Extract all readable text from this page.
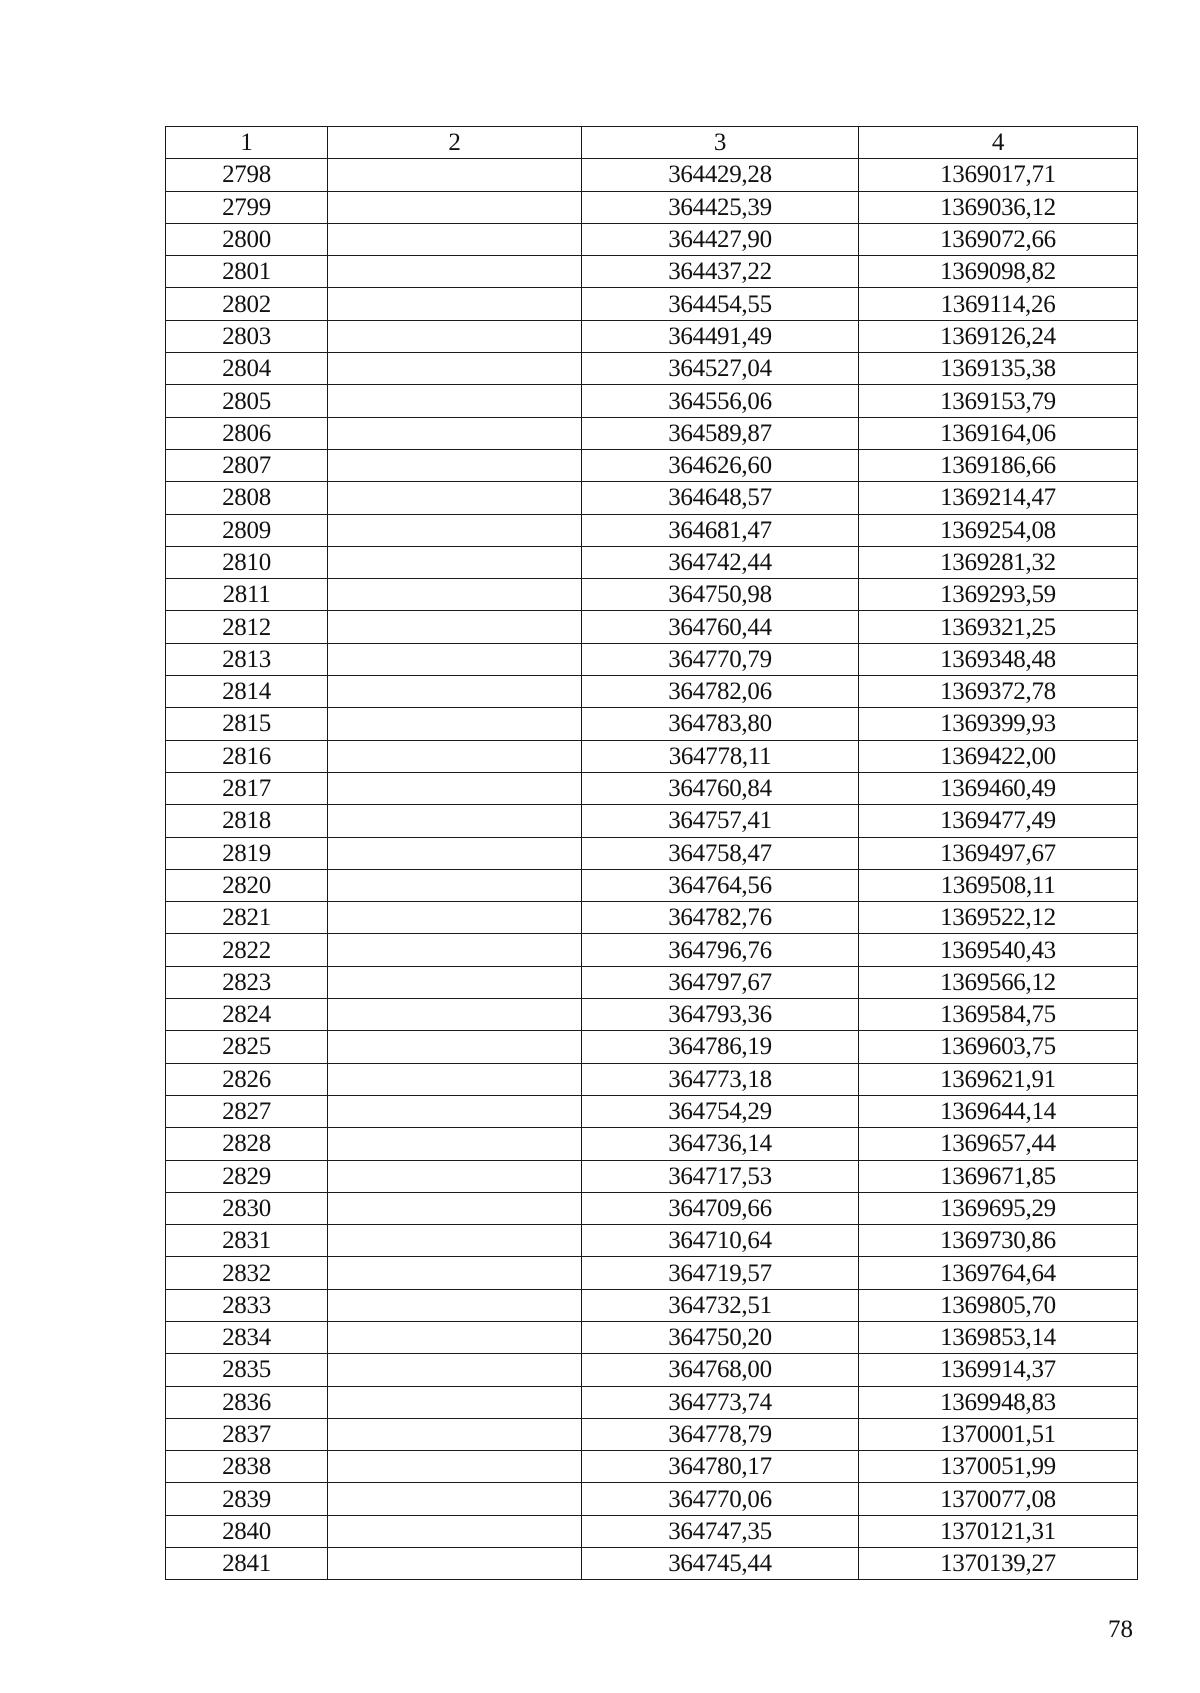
1	2	3	4
2798		364429,28	1369017,71
2799		364425,39	1369036,12
2800		364427,90	1369072,66
2801		364437,22	1369098,82
2802		364454,55	1369114,26
2803		364491,49	1369126,24
2804		364527,04	1369135,38
2805		364556,06	1369153,79
2806		364589,87	1369164,06
2807		364626,60	1369186,66
2808		364648,57	1369214,47
2809		364681,47	1369254,08
2810		364742,44	1369281,32
2811		364750,98	1369293,59
2812		364760,44	1369321,25
2813		364770,79	1369348,48
2814		364782,06	1369372,78
2815		364783,80	1369399,93
2816		364778,11	1369422,00
2817		364760,84	1369460,49
2818		364757,41	1369477,49
2819		364758,47	1369497,67
2820		364764,56	1369508,11
2821		364782,76	1369522,12
2822		364796,76	1369540,43
2823		364797,67	1369566,12
2824		364793,36	1369584,75
2825		364786,19	1369603,75
2826		364773,18	1369621,91
2827		364754,29	1369644,14
2828		364736,14	1369657,44
2829		364717,53	1369671,85
2830		364709,66	1369695,29
2831		364710,64	1369730,86
2832		364719,57	1369764,64
2833		364732,51	1369805,70
2834		364750,20	1369853,14
2835		364768,00	1369914,37
2836		364773,74	1369948,83
2837		364778,79	1370001,51
2838		364780,17	1370051,99
2839		364770,06	1370077,08
2840		364747,35	1370121,31
2841		364745,44	1370139,27
78
